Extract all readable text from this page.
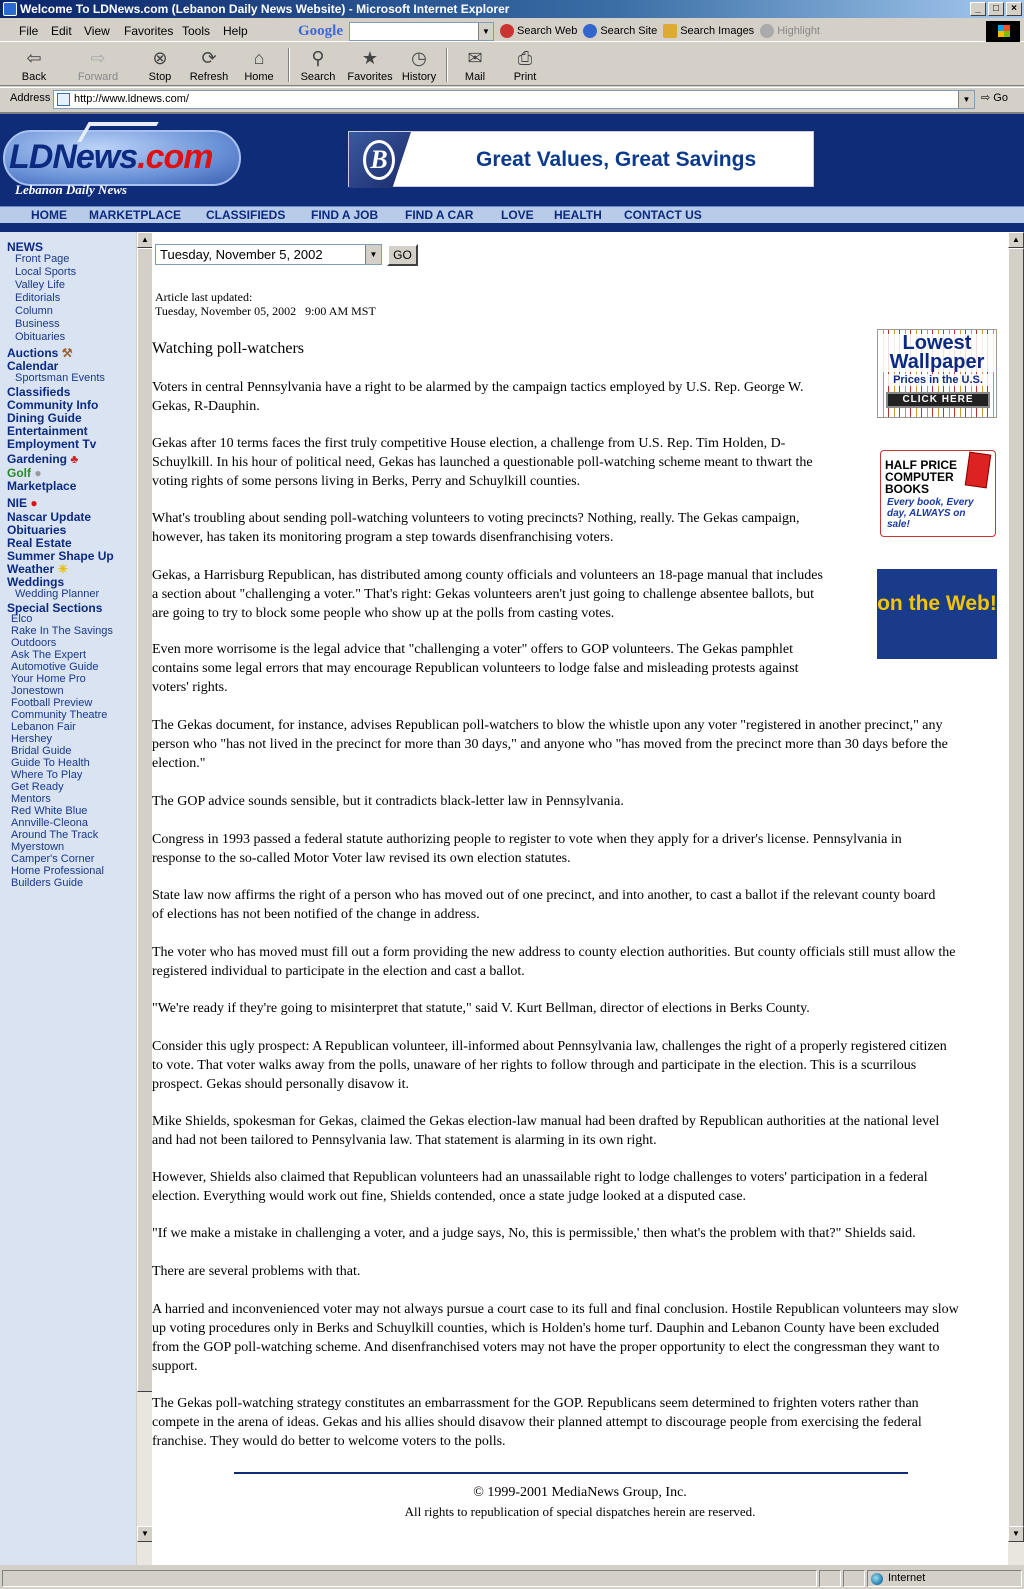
Welcome To LDNews.com (Lebanon Daily News Website) - Microsoft Internet Explorer	_	□	×
File Edit View Favorites Tools Help	Google	▼ Search Web Search Site Search Images Highlight
⇦
Back
⇨
Forward
⊗
Stop
⟳
Refresh
⌂
Home
⚲
Search
★
Favorites
◷
History
✉
Mail
⎙
Print
Address	http://www.ldnews.com/	▼ ⇨ Go
LDNews.com
Lebanon Daily News
B	Great Values, Great Savings
HOME MARKETPLACE CLASSIFIEDS FIND A JOB FIND A CAR LOVE HEALTH CONTACT US
NEWS
Front Page
Local Sports
Valley Life
Editorials
Column
Business
Obituaries
Auctions ⚒
Calendar
Sportsman Events
Classifieds
Community Info
Dining Guide
Entertainment
Employment Tv
Gardening ♣
Golf ●
Marketplace
NIE ●
Nascar Update
Obituaries
Real Estate
Summer Shape Up
Weather ☀
Weddings
Wedding Planner
Special Sections
Elco
Rake In The Savings
Outdoors
Ask The Expert
Automotive Guide
Your Home Pro
Jonestown
Football Preview
Community Theatre
Lebanon Fair
Hershey
Bridal Guide
Guide To Health
Where To Play
Get Ready
Mentors
Red White Blue
Annville-Cleona
Around The Track
Myerstown
Camper's Corner
Home Professional
Builders Guide
▲
▼
Tuesday, November 5, 2002	▼	GO
Article last updated:
Tuesday, November 05, 2002   9:00 AM MST
Watching poll-watchers	Lowest Wallpaper
Prices in the U.S.
CLICK HERE
HALF PRICE COMPUTER BOOKS
Every book, Every day, ALWAYS on sale!
on the Web!
Voters in central Pennsylvania have a right to be alarmed by the campaign tactics employed by U.S. Rep. George W.
Gekas, R-Dauphin.
Gekas after 10 terms faces the first truly competitive House election, a challenge from U.S. Rep. Tim Holden, D-
Schuylkill. In his hour of political need, Gekas has launched a questionable poll-watching scheme meant to thwart the
voting rights of some persons living in Berks, Perry and Schuylkill counties.
What's troubling about sending poll-watching volunteers to voting precincts? Nothing, really. The Gekas campaign,
however, has taken its monitoring program a step towards disenfranchising voters.
Gekas, a Harrisburg Republican, has distributed among county officials and volunteers an 18-page manual that includes
a section about "challenging a voter." That's right: Gekas volunteers aren't just going to challenge absentee ballots, but
are going to try to block some people who show up at the polls from casting votes.
Even more worrisome is the legal advice that "challenging a voter" offers to GOP volunteers. The Gekas pamphlet
contains some legal errors that may encourage Republican volunteers to lodge false and misleading protests against
voters' rights.
The Gekas document, for instance, advises Republican poll-watchers to blow the whistle upon any voter "registered in another precinct," any
person who "has not lived in the precinct for more than 30 days," and anyone who "has moved from the precinct more than 30 days before the
election."
The GOP advice sounds sensible, but it contradicts black-letter law in Pennsylvania.
Congress in 1993 passed a federal statute authorizing people to register to vote when they apply for a driver's license. Pennsylvania in
response to the so-called Motor Voter law revised its own election statutes.
State law now affirms the right of a person who has moved out of one precinct, and into another, to cast a ballot if the relevant county board
of elections has not been notified of the change in address.
The voter who has moved must fill out a form providing the new address to county election authorities. But county officials still must allow the
registered individual to participate in the election and cast a ballot.
"We're ready if they're going to misinterpret that statute," said V. Kurt Bellman, director of elections in Berks County.
Consider this ugly prospect: A Republican volunteer, ill-informed about Pennsylvania law, challenges the right of a properly registered citizen
to vote. That voter walks away from the polls, unaware of her rights to follow through and participate in the election. This is a scurrilous
prospect. Gekas should personally disavow it.
Mike Shields, spokesman for Gekas, claimed the Gekas election-law manual had been drafted by Republican authorities at the national level
and had not been tailored to Pennsylvania law. That statement is alarming in its own right.
However, Shields also claimed that Republican volunteers had an unassailable right to lodge challenges to voters' participation in a federal
election. Everything would work out fine, Shields contended, once a state judge looked at a disputed case.
"If we make a mistake in challenging a voter, and a judge says, No, this is permissible,' then what's the problem with that?" Shields said.
There are several problems with that.
A harried and inconvenienced voter may not always pursue a court case to its full and final conclusion. Hostile Republican volunteers may slow
up voting procedures only in Berks and Schuylkill counties, which is Holden's home turf. Dauphin and Lebanon County have been excluded
from the GOP poll-watching scheme. And disenfranchised voters may not have the proper opportunity to elect the congressman they want to
support.
The Gekas poll-watching strategy constitutes an embarrassment for the GOP. Republicans seem determined to frighten voters rather than
compete in the arena of ideas. Gekas and his allies should disavow their planned attempt to discourage people from exercising the federal
franchise. They would do better to welcome voters to the polls.
© 1999-2001 MediaNews Group, Inc.
All rights to republication of special dispatches herein are reserved.
▲
▼
Internet
